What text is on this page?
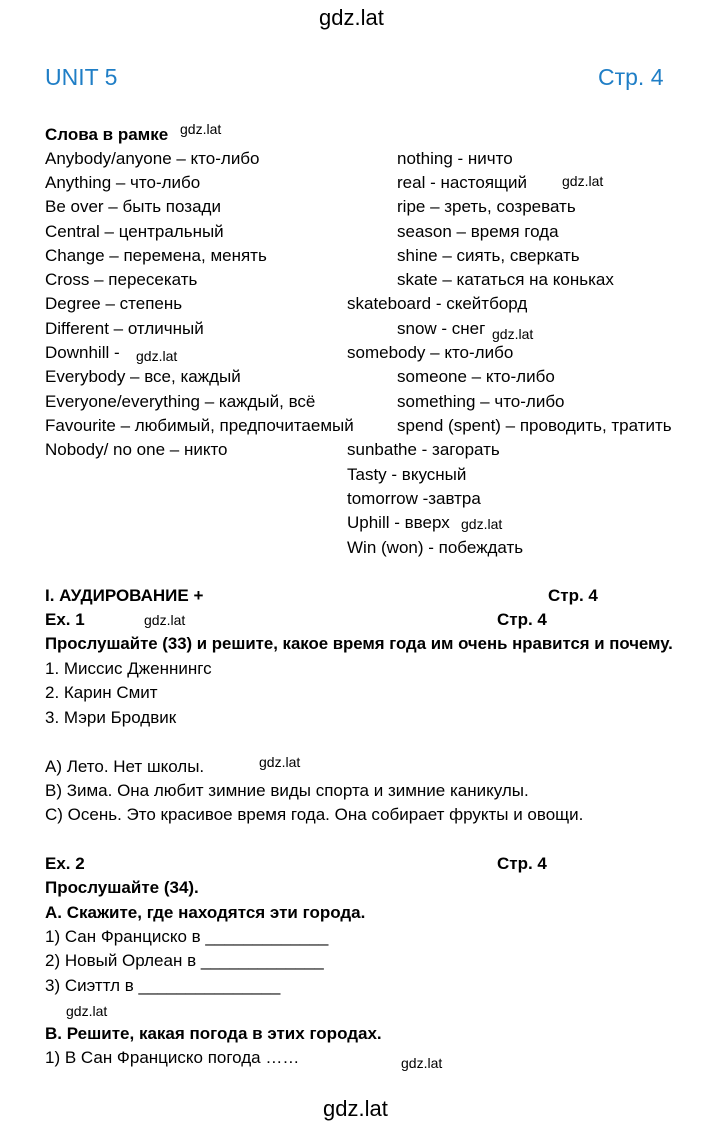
gdz.lat
gdz.lat
gdz.lat
gdz.lat
gdz.lat
gdz.lat
gdz.lat
gdz.lat
gdz.lat
gdz.lat
gdz.lat
UNIT 5	Стр. 4
Слова в рамке
Anybody/anyone – кто-либо
Anything – что-либо
Be over – быть позади
Central – центральный
Change – перемена, менять
Cross – пересекать
Degree – степень
Different – отличный
Downhill -
Everybody – все, каждый
Everyone/everything – каждый, всё
Favourite – любимый, предпочитаемый
Nobody/ no one – никто
nothing - ничто
real - настоящий
ripe – зреть, созревать
season – время года
shine – сиять, сверкать
skate – кататься на коньках
skateboard - скейтборд
snow - снег
somebody – кто-либо
someone – кто-либо
something – что-либо
spend (spent) – проводить, тратить
sunbathe - загорать
Tasty - вкусный
tomorrow -завтра
Uphill - вверх
Win (won) - побеждать
I. АУДИРОВАНИЕ +	Стр. 4
Ex. 1	Стр. 4
Прослушайте (33) и решите, какое время года им очень нравится и почему.
1. Миссис Дженнингс
2. Карин Смит
3. Мэри Бродвик
A) Лето. Нет школы.
B) Зима. Она любит зимние виды спорта и зимние каникулы.
C) Осень. Это красивое время года. Она собирает фрукты и овощи.
Ex. 2	Стр. 4
Прослушайте (34).
A. Скажите, где находятся эти города.
1) Сан Франциско в _____________
2) Новый Орлеан в _____________
3) Сиэттл в _______________
B. Решите, какая погода в этих городах.
1) В Сан Франциско погода ……
